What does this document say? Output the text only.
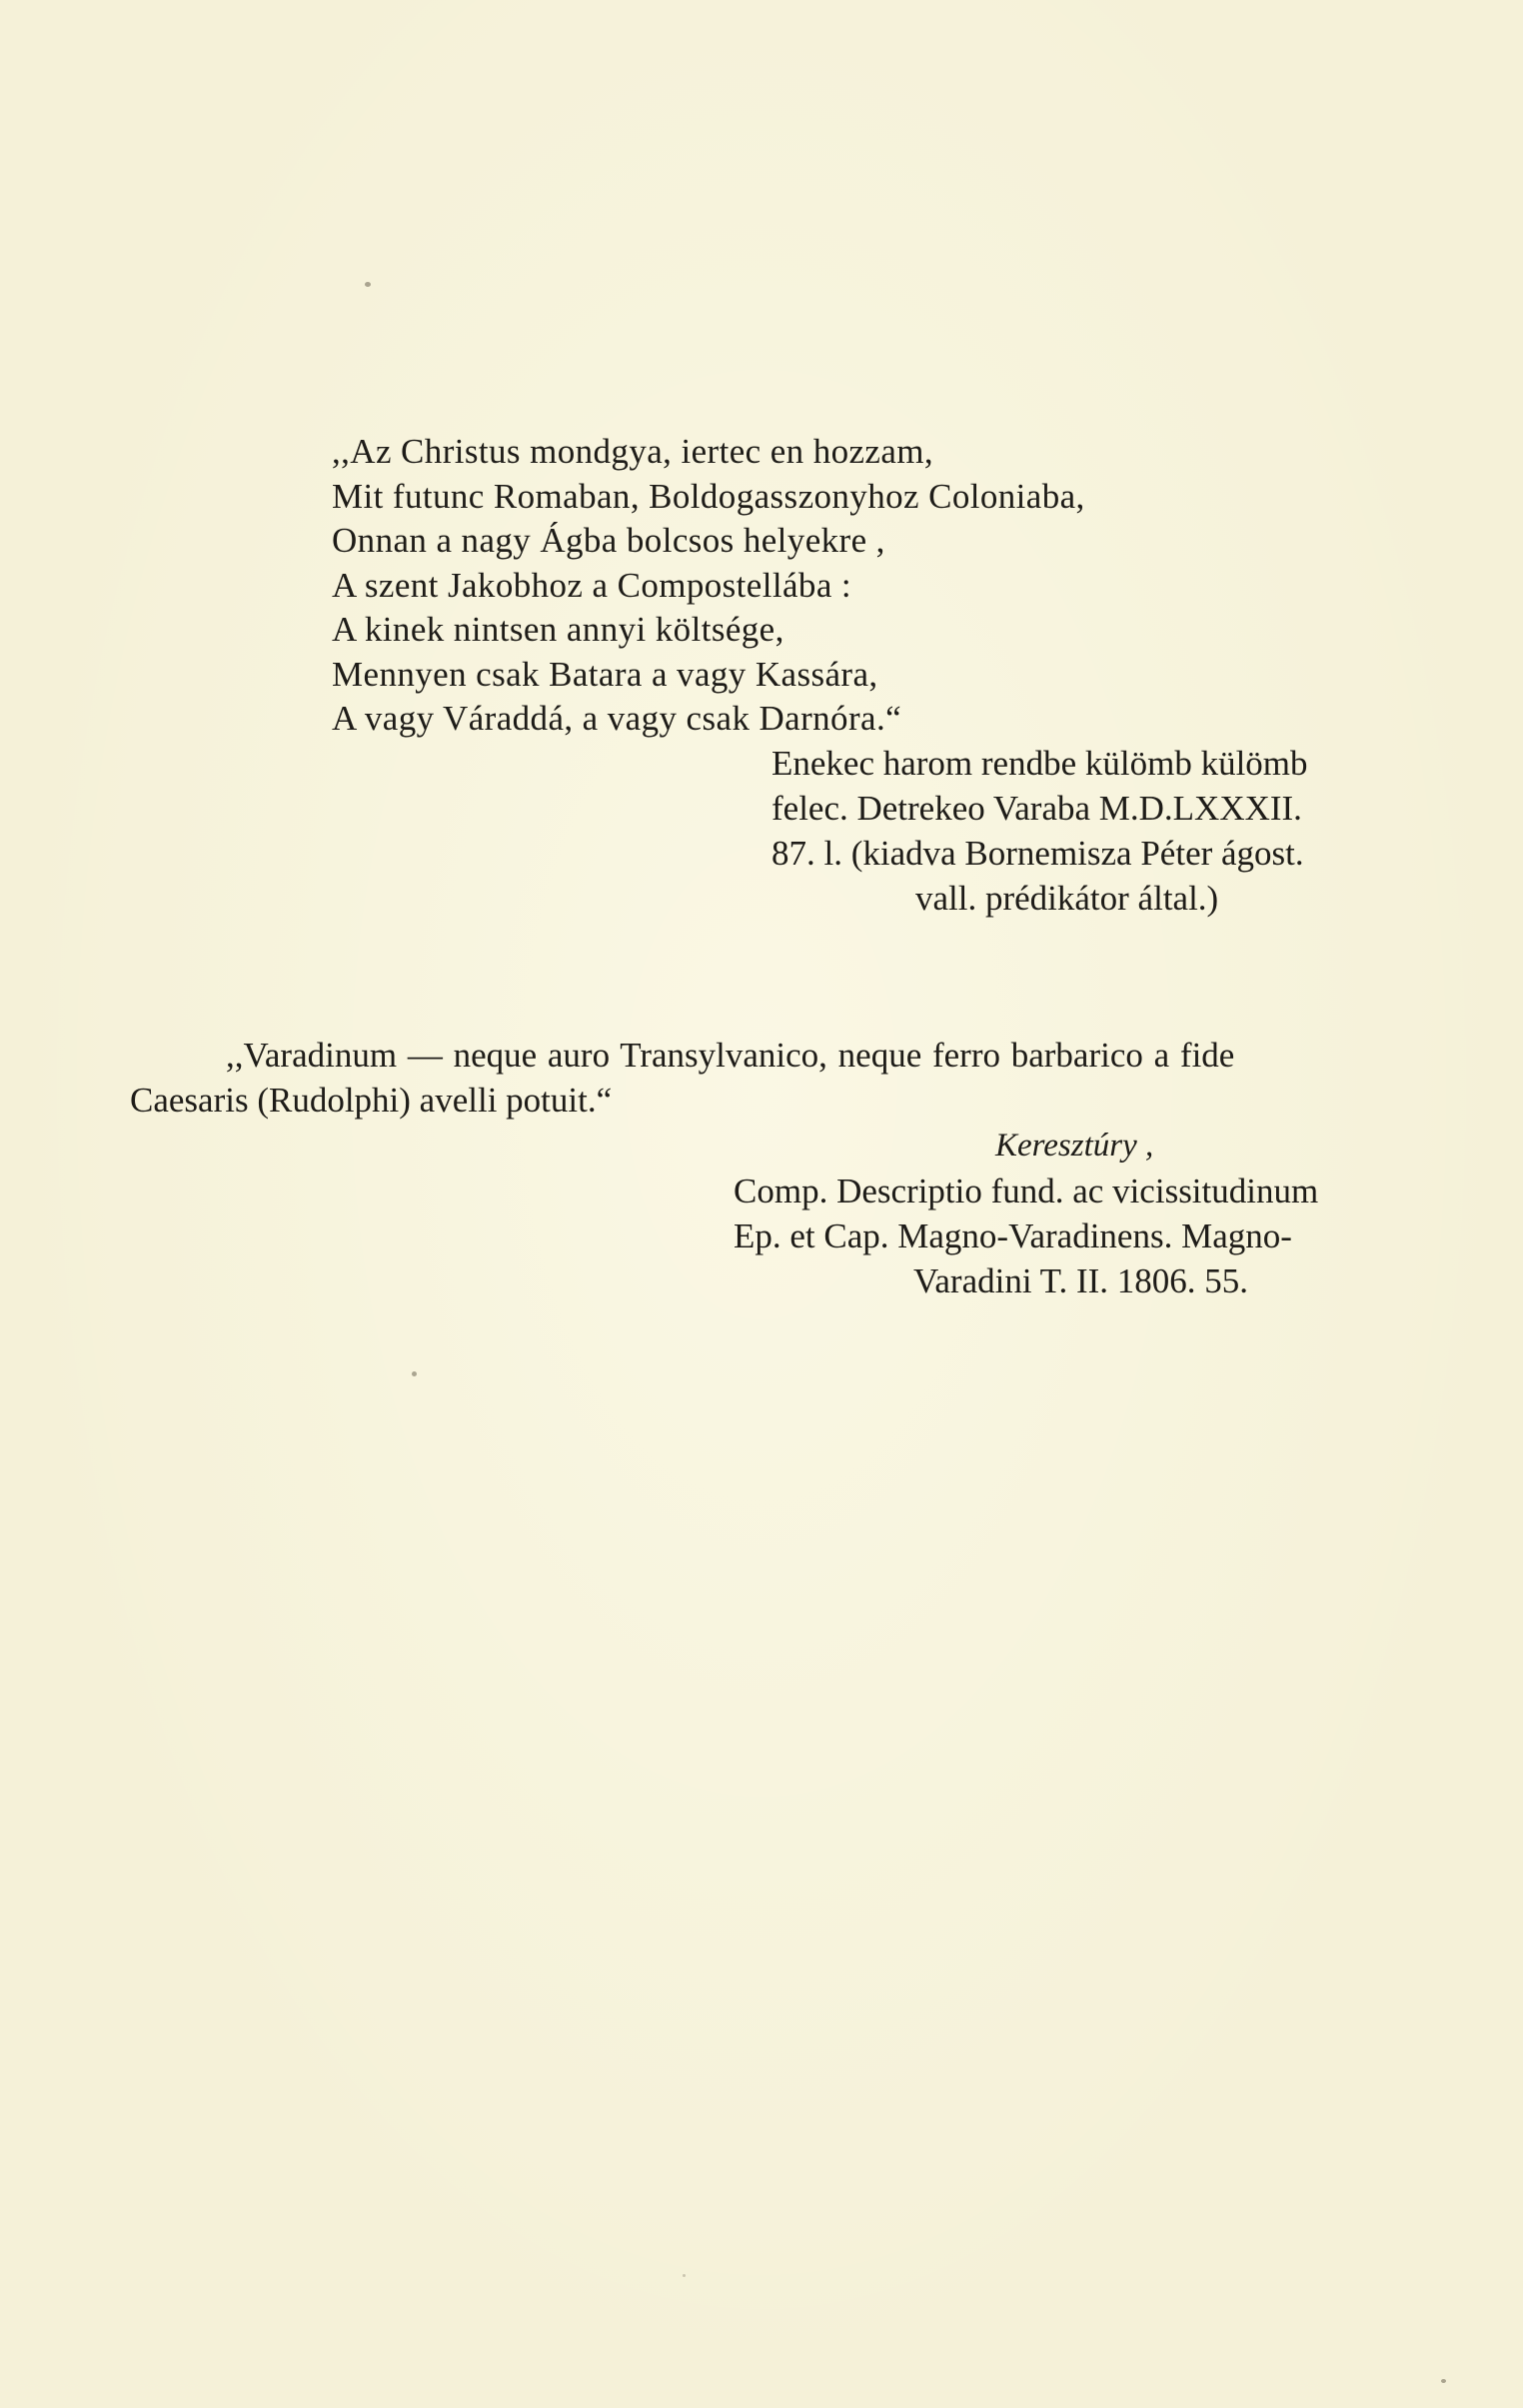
,,Az Christus mondgya, iertec en hozzam,
Mit futunc Romaban, Boldogasszonyhoz Coloniaba,
Onnan a nagy Ágba bolcsos helyekre ,
A szent Jakobhoz a Compostellába :
A kinek nintsen annyi költsége,
Mennyen csak Batara a vagy Kassára,
A vagy Váraddá, a vagy csak Darnóra.“
Enekec harom rendbe külömb külömb
felec. Detrekeo Varaba M.D.LXXXII.
87. l. (kiadva Bornemisza Péter ágost.
vall. prédikátor által.)
,,Varadinum — neque auro Transylvanico, neque ferro barbarico a fide
Caesaris (Rudolphi) avelli potuit.“
Keresztúry ,
Comp. Descriptio fund. ac vicissitudinum
Ep. et Cap. Magno-Varadinens. Magno-
Varadini T. II. 1806. 55.
